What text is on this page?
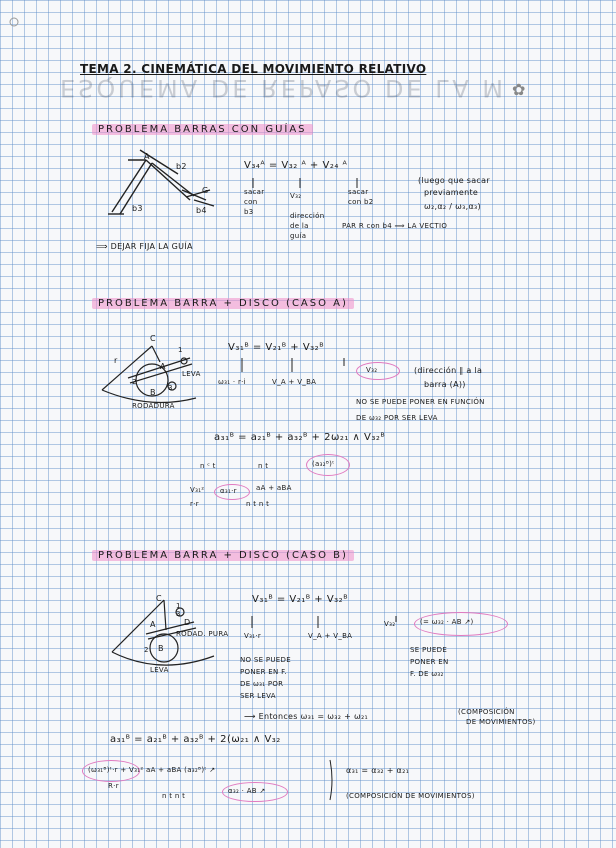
ESQUEMA DE REPASO DE LA M
TEMA 2. CINEMÁTICA DEL MOVIMIENTO RELATIVO
✿
PROBLEMA BARRAS CON GUÍAS
A
b2
b3	b4
G
V₃₄ᴬ = V₃₂ ᴬ + V₂₄ ᴬ
sacar
con
b3
V₃₂
dirección
de la
guía
sacar
con b2
PAR R con b4 ⟹ LA VECTIO
(luego que sacar
previamente
ω₂,α₂ / ω₃,α₃)
⟹ DEJAR FIJA LA GUÍA
PROBLEMA BARRA + DISCO (CASO A)
C
r
A
B
LEVA
RODADURA
1
2
3
V₃₁ᴮ = V₂₁ᴮ + V₃₂ᴮ
ω₃₁ · r·i	V_A + V_BA
V₃₂	(dirección ∥ a la
barra (A))
NO SE PUEDE PONER EN FUNCIÓN
DE ω₃₂ POR SER LEVA
a₃₁ᴮ = a₂₁ᴮ + a₃₂ᴮ + 2ω₂₁ ∧ V₃₂ᴮ
n ᶜ t	n t	(a₃₂ᴮ)ᵗ
V₃₁² α₃₁·r	aA + aBA
r·r	n t n t
PROBLEMA BARRA + DISCO (CASO B)
C
A
B
D
RODAD. PURA
LEVA
1
2
3
V₃₁ᴮ = V₂₁ᴮ + V₃₂ᴮ
V₃₁·r	V_A + V_BA
V₃₂	(= ω₃₂ · AB ↗)
NO SE PUEDE
PONER EN F.
DE ω₃₁ POR
SER LEVA
SE PUEDE
PONER EN
F. DE ω₃₂
⟶ Entonces ω₃₁ = ω₃₂ + ω₂₁	(COMPOSICIÓN
DE MOVIMIENTOS)
a₃₁ᴮ = a₂₁ᴮ + a₃₂ᴮ + 2(ω₂₁ ∧ V₃₂
(ω₃₁ᴮ)ᵗ·r + V₃₁² aA + aBA (a₃₂ᴮ)ᵗ ↗
R·r
n t n t
α₃₂ · AB ↗
α₃₁ = α₃₂ + α₂₁
(COMPOSICIÓN DE MOVIMIENTOS)
